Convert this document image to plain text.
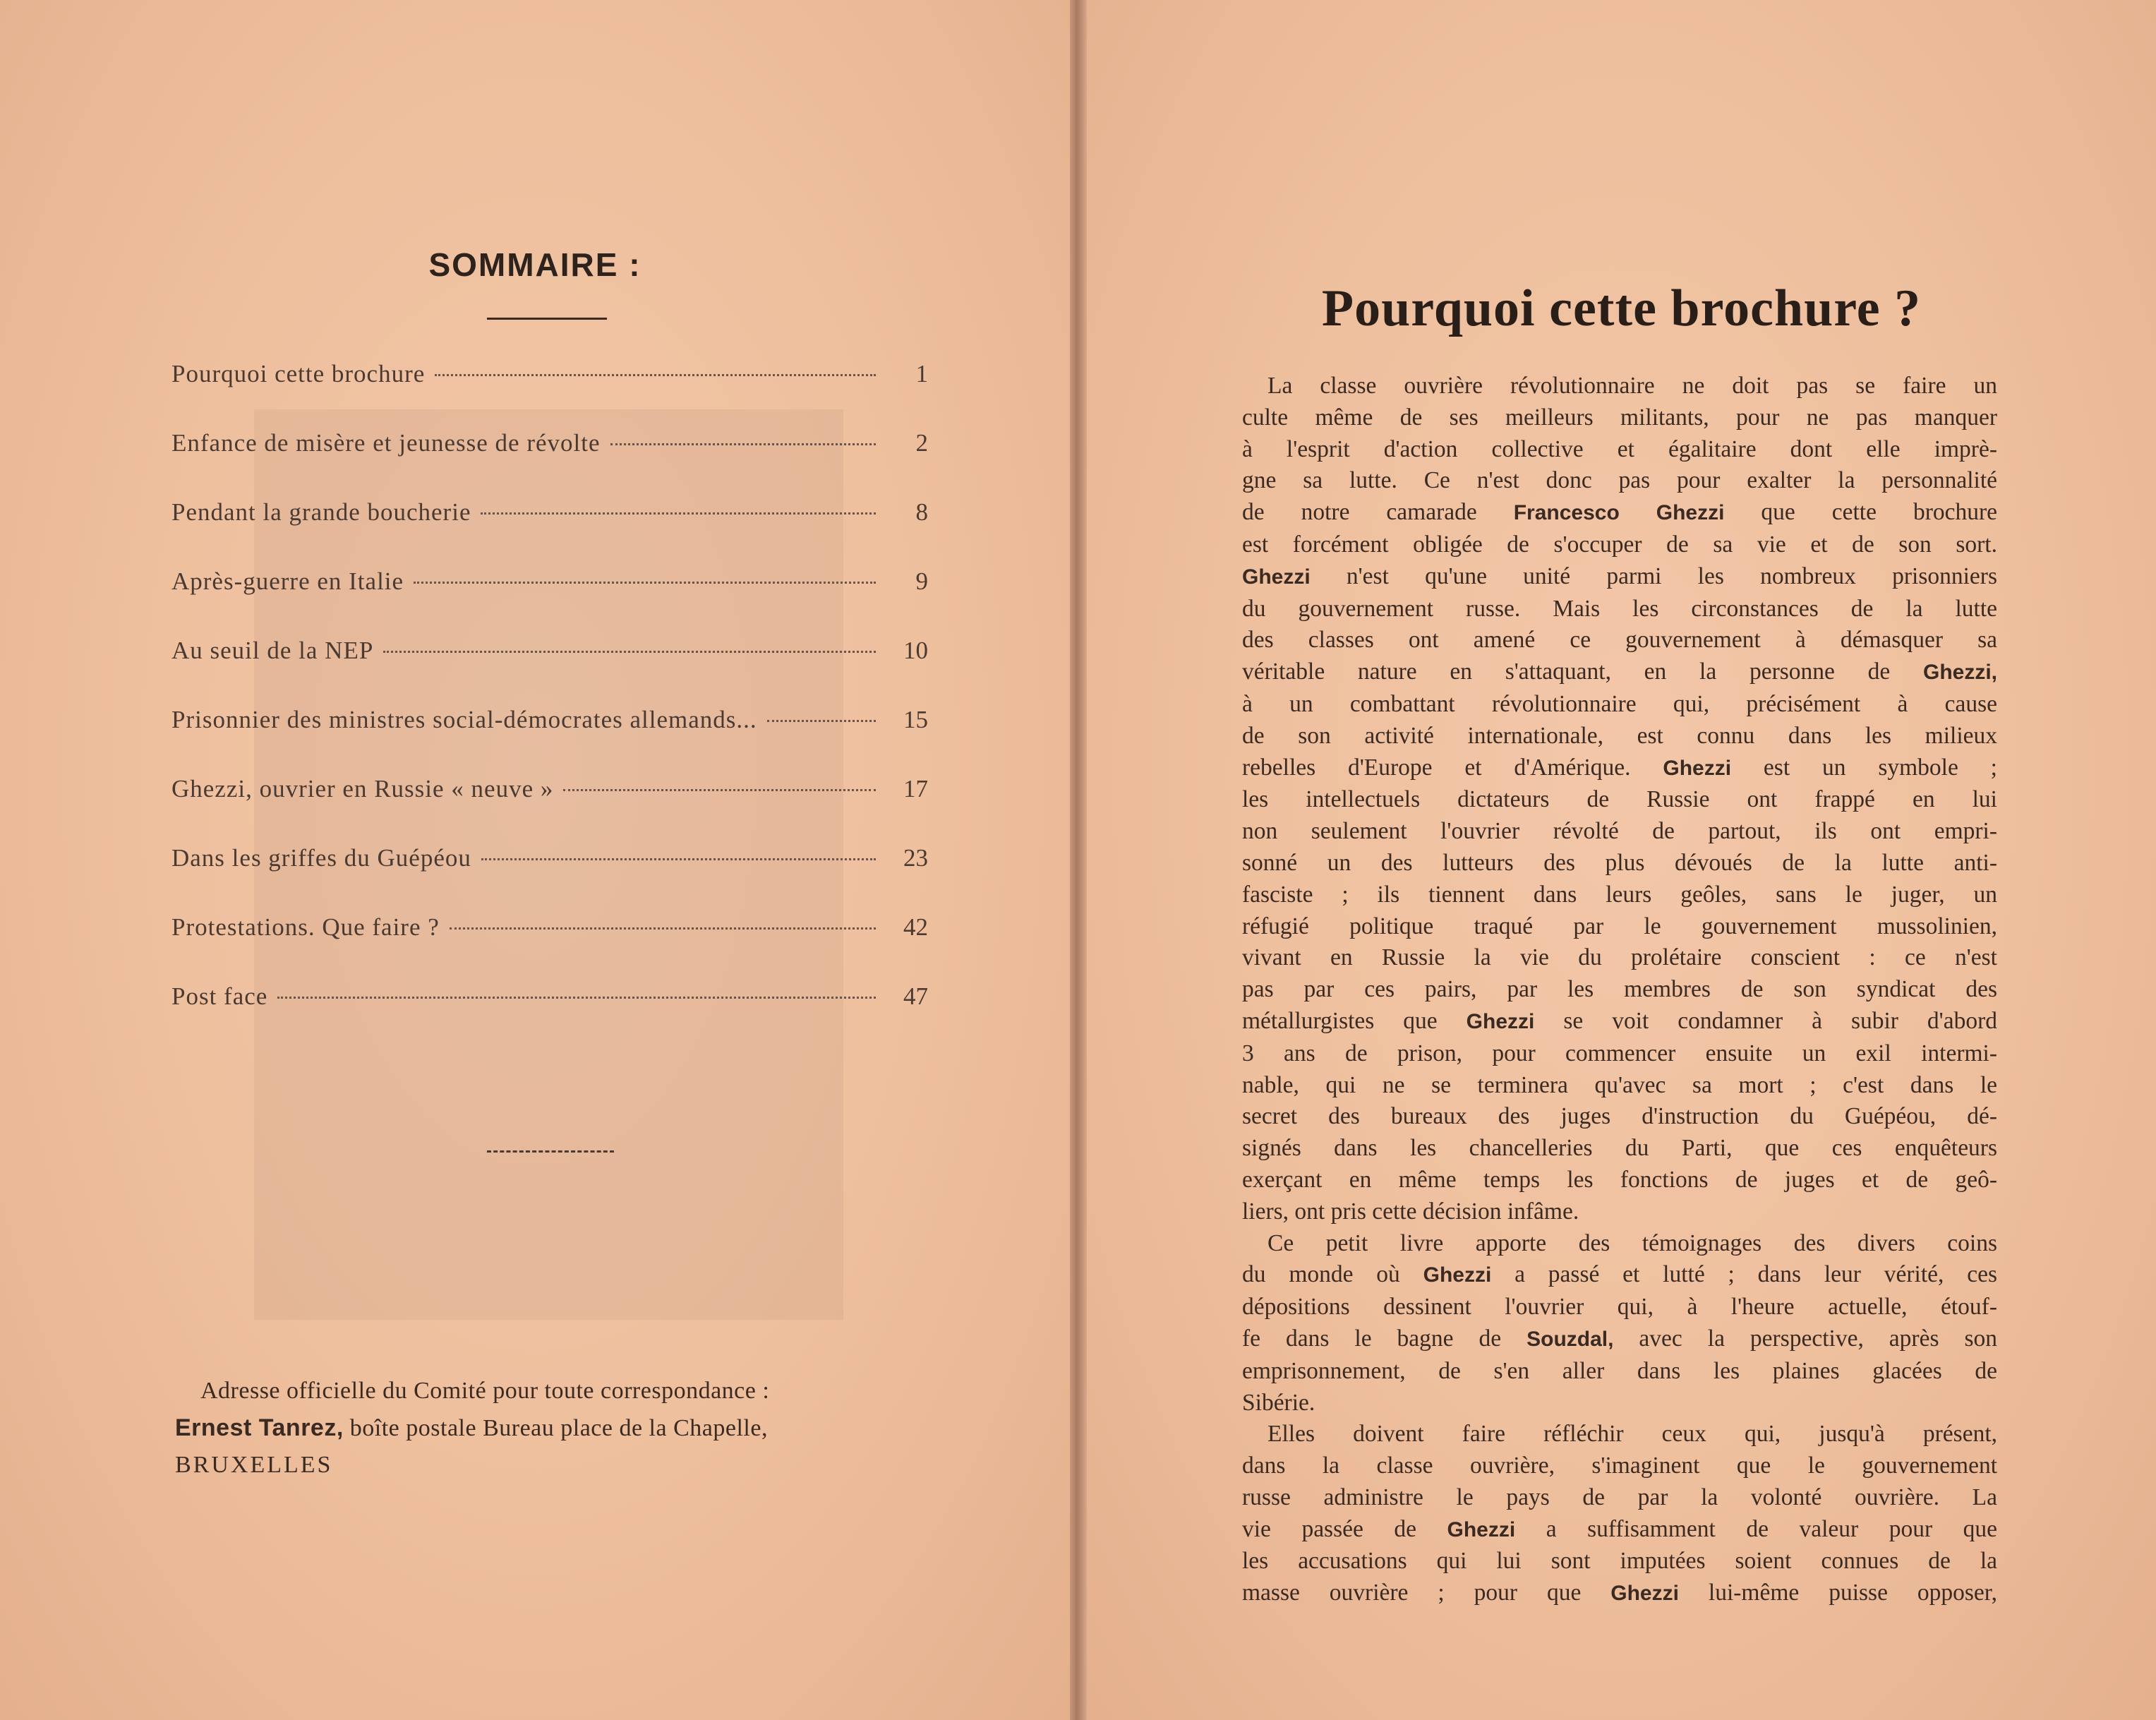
SOMMAIRE :
Pourquoi cette brochure	1
Enfance de misère et jeunesse de révolte	2
Pendant la grande boucherie	8
Après-guerre en Italie	9
Au seuil de la NEP	10
Prisonnier des ministres social-démocrates allemands...	15
Ghezzi, ouvrier en Russie « neuve »	17
Dans les griffes du Guépéou	23
Protestations. Que faire ?	42
Post face	47
Adresse officielle du Comité pour toute correspondance :
Ernest Tanrez, boîte postale Bureau place de la Chapelle,
BRUXELLES
Pourquoi cette brochure ?
La classe ouvrière révolutionnaire ne doit pas se faire un
culte même de ses meilleurs militants, pour ne pas manquer
à l'esprit d'action collective et égalitaire dont elle imprè-
gne sa lutte. Ce n'est donc pas pour exalter la personnalité
de notre camarade Francesco Ghezzi que cette brochure
est forcément obligée de s'occuper de sa vie et de son sort.
Ghezzi n'est qu'une unité parmi les nombreux prisonniers
du gouvernement russe. Mais les circonstances de la lutte
des classes ont amené ce gouvernement à démasquer sa
véritable nature en s'attaquant, en la personne de Ghezzi,
à un combattant révolutionnaire qui, précisément à cause
de son activité internationale, est connu dans les milieux
rebelles d'Europe et d'Amérique. Ghezzi est un symbole ;
les intellectuels dictateurs de Russie ont frappé en lui
non seulement l'ouvrier révolté de partout, ils ont empri-
sonné un des lutteurs des plus dévoués de la lutte anti-
fasciste ; ils tiennent dans leurs geôles, sans le juger, un
réfugié politique traqué par le gouvernement mussolinien,
vivant en Russie la vie du prolétaire conscient : ce n'est
pas par ces pairs, par les membres de son syndicat des
métallurgistes que Ghezzi se voit condamner à subir d'abord
3 ans de prison, pour commencer ensuite un exil intermi-
nable, qui ne se terminera qu'avec sa mort ; c'est dans le
secret des bureaux des juges d'instruction du Guépéou, dé-
signés dans les chancelleries du Parti, que ces enquêteurs
exerçant en même temps les fonctions de juges et de geô-
liers, ont pris cette décision infâme.
Ce petit livre apporte des témoignages des divers coins
du monde où Ghezzi a passé et lutté ; dans leur vérité, ces
dépositions dessinent l'ouvrier qui, à l'heure actuelle, étouf-
fe dans le bagne de Souzdal, avec la perspective, après son
emprisonnement, de s'en aller dans les plaines glacées de
Sibérie.
Elles doivent faire réfléchir ceux qui, jusqu'à présent,
dans la classe ouvrière, s'imaginent que le gouvernement
russe administre le pays de par la volonté ouvrière. La
vie passée de Ghezzi a suffisamment de valeur pour que
les accusations qui lui sont imputées soient connues de la
masse ouvrière ; pour que Ghezzi lui-même puisse opposer,
